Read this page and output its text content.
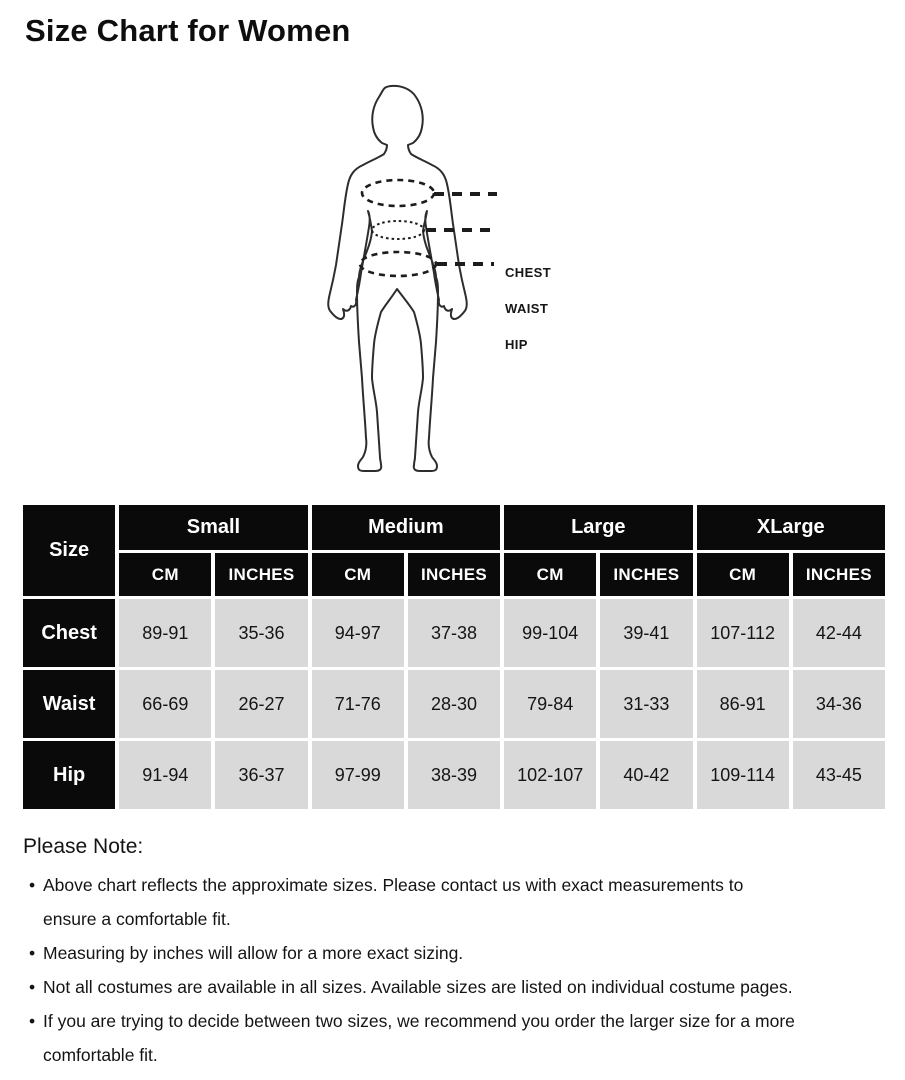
Size Chart for Women
CHEST
WAIST
HIP
Size	Small		Medium		Large		XLarge	
	CM	INCHES	CM	INCHES	CM	INCHES	CM	INCHES
Chest	89-91	35-36	94-97	37-38	99-104	39-41	107-112	42-44
Waist	66-69	26-27	71-76	28-30	79-84	31-33	86-91	34-36
Hip	91-94	36-37	97-99	38-39	102-107	40-42	109-114	43-45

Please Note:

• Above chart reflects the approximate sizes. Please contact us with exact measurements to
ensure a comfortable fit.
• Measuring by inches will allow for a more exact sizing.
• Not all costumes are available in all sizes. Available sizes are listed on individual costume pages.
• If you are trying to decide between two sizes, we recommend you order the larger size for a more
comfortable fit.
